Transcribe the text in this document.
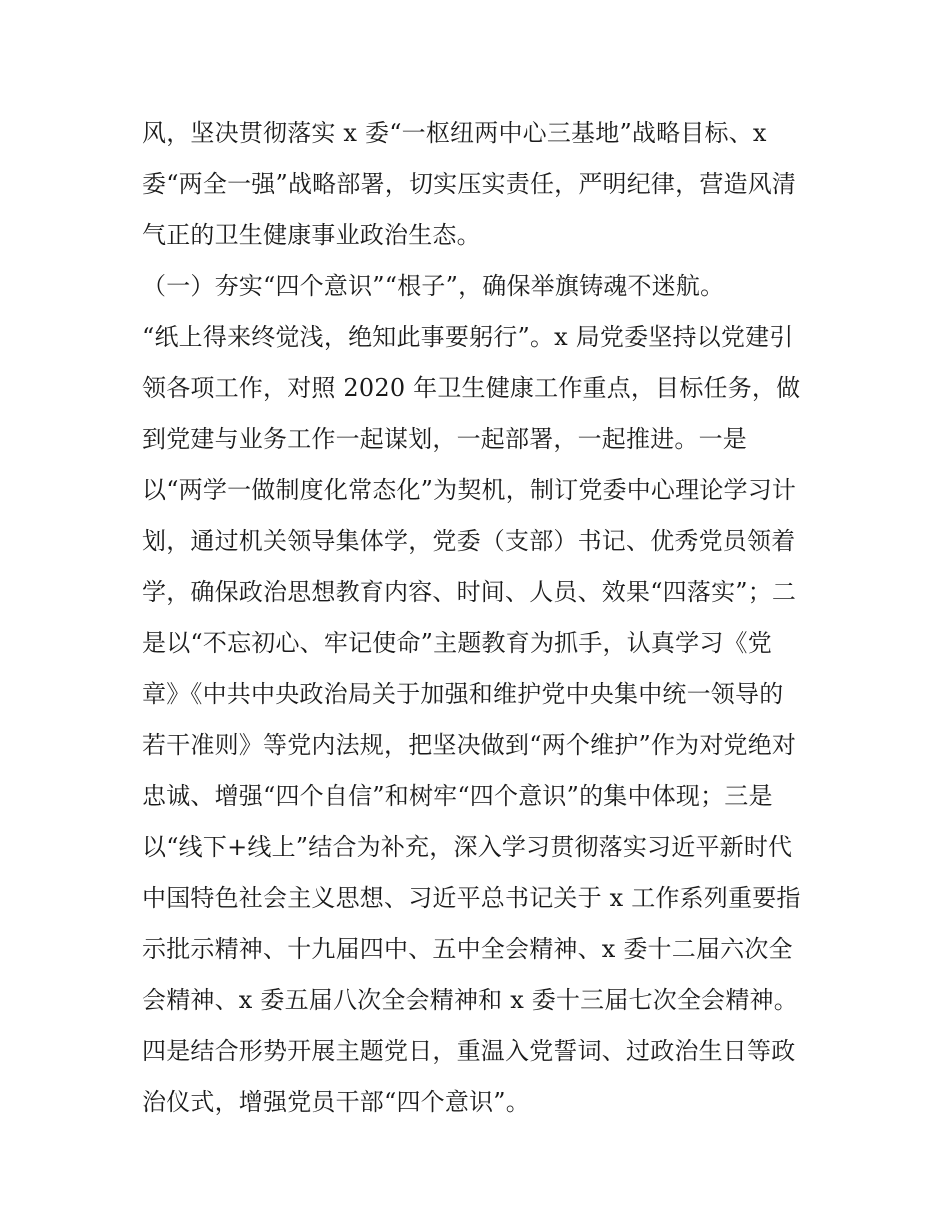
风，坚决贯彻落实 x 委“一枢纽两中心三基地”战略目标、x
委“两全一强”战略部署，切实压实责任，严明纪律，营造风清
气正的卫生健康事业政治生态。
（一）夯实“四个意识”“根子”，确保举旗铸魂不迷航。
“纸上得来终觉浅，绝知此事要躬行”。x 局党委坚持以党建引
领各项工作，对照 2020 年卫生健康工作重点，目标任务，做
到党建与业务工作一起谋划，一起部署，一起推进。一是
以“两学一做制度化常态化”为契机，制订党委中心理论学习计
划，通过机关领导集体学，党委（支部）书记、优秀党员领着
学，确保政治思想教育内容、时间、人员、效果“四落实”；二
是以“不忘初心、牢记使命”主题教育为抓手，认真学习《党
章》《中共中央政治局关于加强和维护党中央集中统一领导的
若干准则》等党内法规，把坚决做到“两个维护”作为对党绝对
忠诚、增强“四个自信”和树牢“四个意识”的集中体现；三是
以“线下+线上”结合为补充，深入学习贯彻落实习近平新时代
中国特色社会主义思想、习近平总书记关于 x 工作系列重要指
示批示精神、十九届四中、五中全会精神、x 委十二届六次全
会精神、x 委五届八次全会精神和 x 委十三届七次全会精神。
四是结合形势开展主题党日，重温入党誓词、过政治生日等政
治仪式，增强党员干部“四个意识”。
